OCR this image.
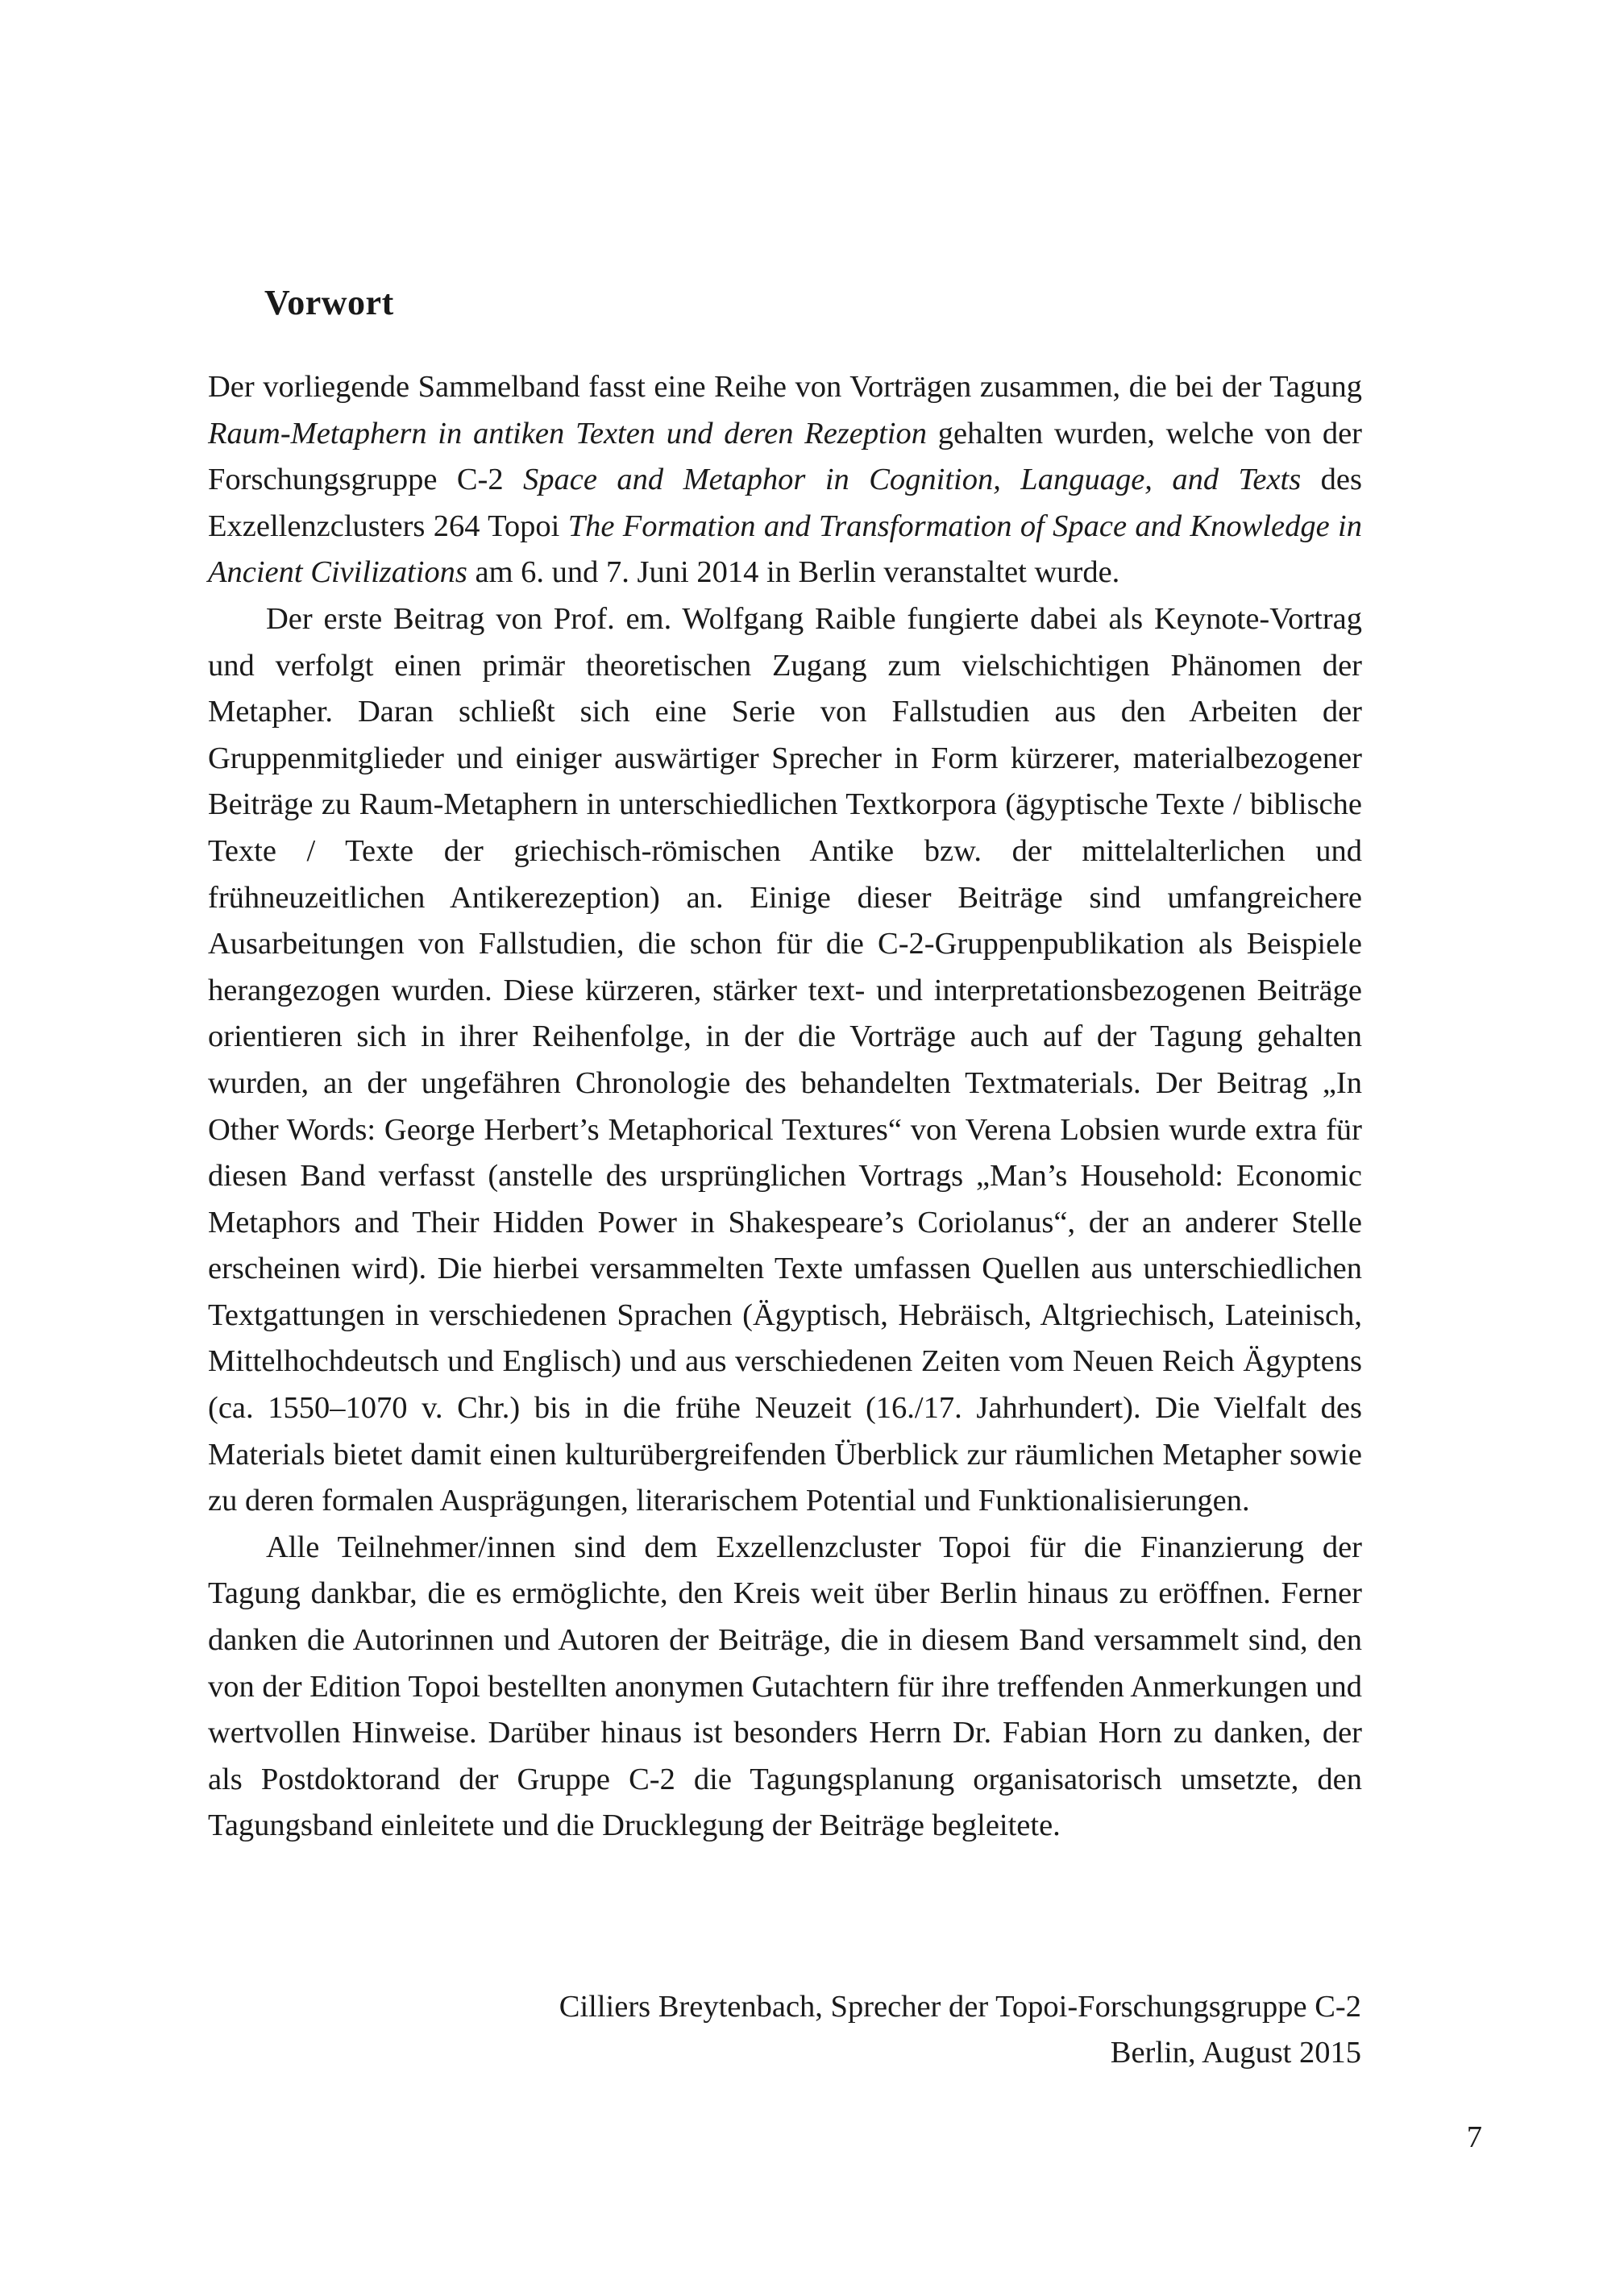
Vorwort

Der vorliegende Sammelband fasst eine Reihe von Vorträgen zusammen, die bei der Tagung Raum-Metaphern in antiken Texten und deren Rezeption gehalten wurden, welche von der Forschungsgruppe C-2 Space and Metaphor in Cognition, Language, and Texts des Exzellenzclusters 264 Topoi The Formation and Transformation of Space and Knowledge in Ancient Civilizations am 6. und 7. Juni 2014 in Berlin veranstaltet wurde.

Der erste Beitrag von Prof. em. Wolfgang Raible fungierte dabei als Keynote-Vortrag und verfolgt einen primär theoretischen Zugang zum vielschichtigen Phänomen der Metapher. Daran schließt sich eine Serie von Fallstudien aus den Arbeiten der Gruppenmitglieder und einiger auswärtiger Sprecher in Form kürzerer, materialbezogener Beiträge zu Raum-Metaphern in unterschiedlichen Textkorpora (ägyptische Texte / biblische Texte / Texte der griechisch-römischen Antike bzw. der mittelalterlichen und frühneuzeitlichen Antikerezeption) an. Einige dieser Beiträge sind umfangreichere Ausarbeitungen von Fallstudien, die schon für die C-2-Gruppenpublikation als Beispiele herangezogen wurden. Diese kürzeren, stärker text- und interpretationsbezogenen Beiträge orientieren sich in ihrer Reihenfolge, in der die Vorträge auch auf der Tagung gehalten wurden, an der ungefähren Chronologie des behandelten Textmaterials. Der Beitrag „In Other Words: George Herbert’s Metaphorical Textures“ von Verena Lobsien wurde extra für diesen Band verfasst (anstelle des ursprünglichen Vortrags „Man’s Household: Economic Metaphors and Their Hidden Power in Shakespeare’s Coriolanus“, der an anderer Stelle erscheinen wird). Die hierbei versammelten Texte umfassen Quellen aus unterschiedlichen Textgattungen in verschiedenen Sprachen (Ägyptisch, Hebräisch, Altgriechisch, Lateinisch, Mittelhochdeutsch und Englisch) und aus verschiedenen Zeiten vom Neuen Reich Ägyptens (ca. 1550–1070 v. Chr.) bis in die frühe Neuzeit (16./17. Jahrhundert). Die Vielfalt des Materials bietet damit einen kulturübergreifenden Überblick zur räumlichen Metapher sowie zu deren formalen Ausprägungen, literarischem Potential und Funktionalisierungen.

Alle Teilnehmer/innen sind dem Exzellenzcluster Topoi für die Finanzierung der Tagung dankbar, die es ermöglichte, den Kreis weit über Berlin hinaus zu eröffnen. Ferner danken die Autorinnen und Autoren der Beiträge, die in diesem Band versammelt sind, den von der Edition Topoi bestellten anonymen Gutachtern für ihre treffenden Anmerkungen und wertvollen Hinweise. Darüber hinaus ist besonders Herrn Dr. Fabian Horn zu danken, der als Postdoktorand der Gruppe C-2 die Tagungsplanung organisatorisch umsetzte, den Tagungsband einleitete und die Drucklegung der Beiträge begleitete.

Cilliers Breytenbach, Sprecher der Topoi-Forschungsgruppe C-2
Berlin, August 2015
7
